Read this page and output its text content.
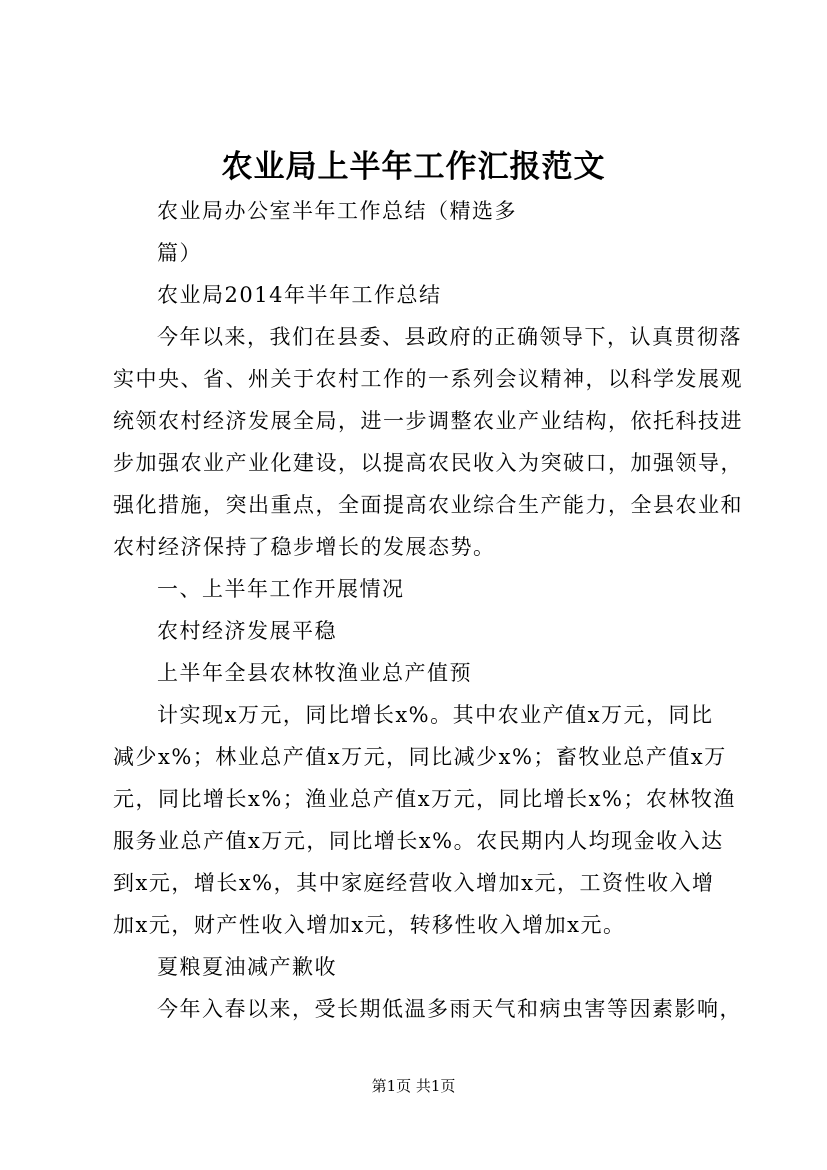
农业局上半年工作汇报范文
农业局办公室半年工作总结（精选多
篇）
农业局2014年半年工作总结
今年以来，我们在县委、县政府的正确领导下，认真贯彻落
实中央、省、州关于农村工作的一系列会议精神，以科学发展观
统领农村经济发展全局，进一步调整农业产业结构，依托科技进
步加强农业产业化建设，以提高农民收入为突破口，加强领导，
强化措施，突出重点，全面提高农业综合生产能力，全县农业和
农村经济保持了稳步增长的发展态势。
一、上半年工作开展情况
农村经济发展平稳
上半年全县农林牧渔业总产值预
计实现x万元，同比增长x%。其中农业产值x万元，同比
减少x%；林业总产值x万元，同比减少x%；畜牧业总产值x万
元，同比增长x%；渔业总产值x万元，同比增长x%；农林牧渔
服务业总产值x万元，同比增长x%。农民期内人均现金收入达
到x元，增长x%，其中家庭经营收入增加x元，工资性收入增
加x元，财产性收入增加x元，转移性收入增加x元。
夏粮夏油减产歉收
今年入春以来，受长期低温多雨天气和病虫害等因素影响，
第1页 共1页
